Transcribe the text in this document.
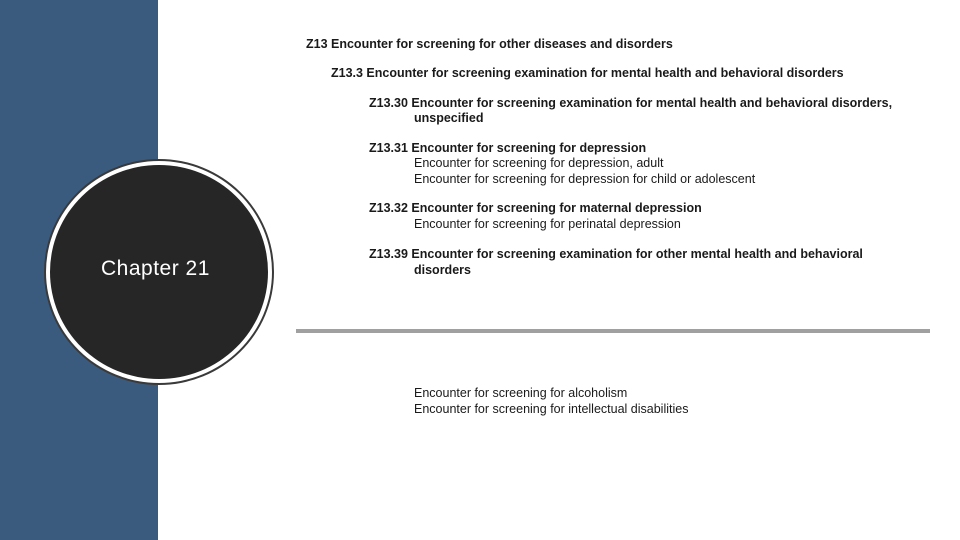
Chapter 21
Z13 Encounter for screening for other diseases and disorders
Z13.3 Encounter for screening examination for mental health and behavioral disorders
Z13.30 Encounter for screening examination for mental health and behavioral disorders,
unspecified
Z13.31 Encounter for screening for depression
Encounter for screening for depression, adult
Encounter for screening for depression for child or adolescent
Z13.32 Encounter for screening for maternal depression
Encounter for screening for perinatal depression
Z13.39 Encounter for screening examination for other mental health and behavioral
disorders
Encounter for screening for alcoholism
Encounter for screening for intellectual disabilities
